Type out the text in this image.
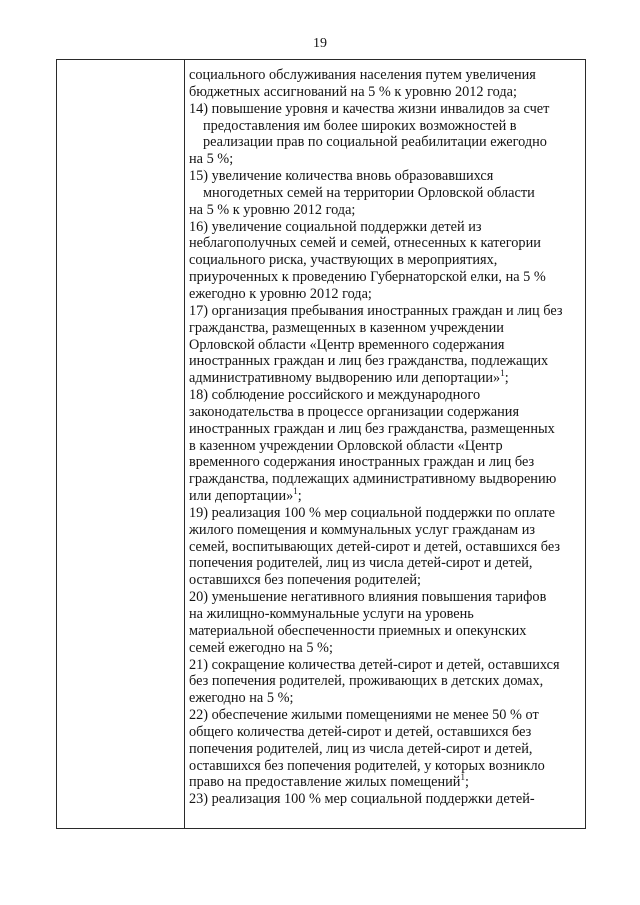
19
социального обслуживания населения путем увеличения
бюджетных ассигнований на 5 % к уровню 2012 года;
14) повышение уровня и качества жизни инвалидов за счет
предоставления им более широких возможностей в
реализации прав по социальной реабилитации ежегодно
на 5 %;
15) увеличение количества вновь образовавшихся
многодетных семей на территории Орловской области
на 5 % к уровню 2012 года;
16) увеличение социальной поддержки детей из
неблагополучных семей и семей, отнесенных к категории
социального риска, участвующих в мероприятиях,
приуроченных к проведению Губернаторской елки, на 5 %
ежегодно к уровню 2012 года;
17) организация пребывания иностранных граждан и лиц без
гражданства, размещенных в казенном учреждении
Орловской области «Центр временного содержания
иностранных граждан и лиц без гражданства, подлежащих
административному выдворению или депортации»$^1$;
18) соблюдение российского и международного
законодательства в процессе организации содержания
иностранных граждан и лиц без гражданства, размещенных
в казенном учреждении Орловской области «Центр
временного содержания иностранных граждан и лиц без
гражданства, подлежащих административному выдворению
или депортации»$^1$;
19) реализация 100 % мер социальной поддержки по оплате
жилого помещения и коммунальных услуг гражданам из
семей, воспитывающих детей-сирот и детей, оставшихся без
попечения родителей, лиц из числа детей-сирот и детей,
оставшихся без попечения родителей;
20) уменьшение негативного влияния повышения тарифов
на жилищно-коммунальные услуги на уровень
материальной обеспеченности приемных и опекунских
семей ежегодно на 5 %;
21) сокращение количества детей-сирот и детей, оставшихся
без попечения родителей, проживающих в детских домах,
ежегодно на 5 %;
22) обеспечение жилыми помещениями не менее 50 % от
общего количества детей-сирот и детей, оставшихся без
попечения родителей, лиц из числа детей-сирот и детей,
оставшихся без попечения родителей, у которых возникло
право на предоставление жилых помещений$^1$;
23) реализация 100 % мер социальной поддержки детей-
